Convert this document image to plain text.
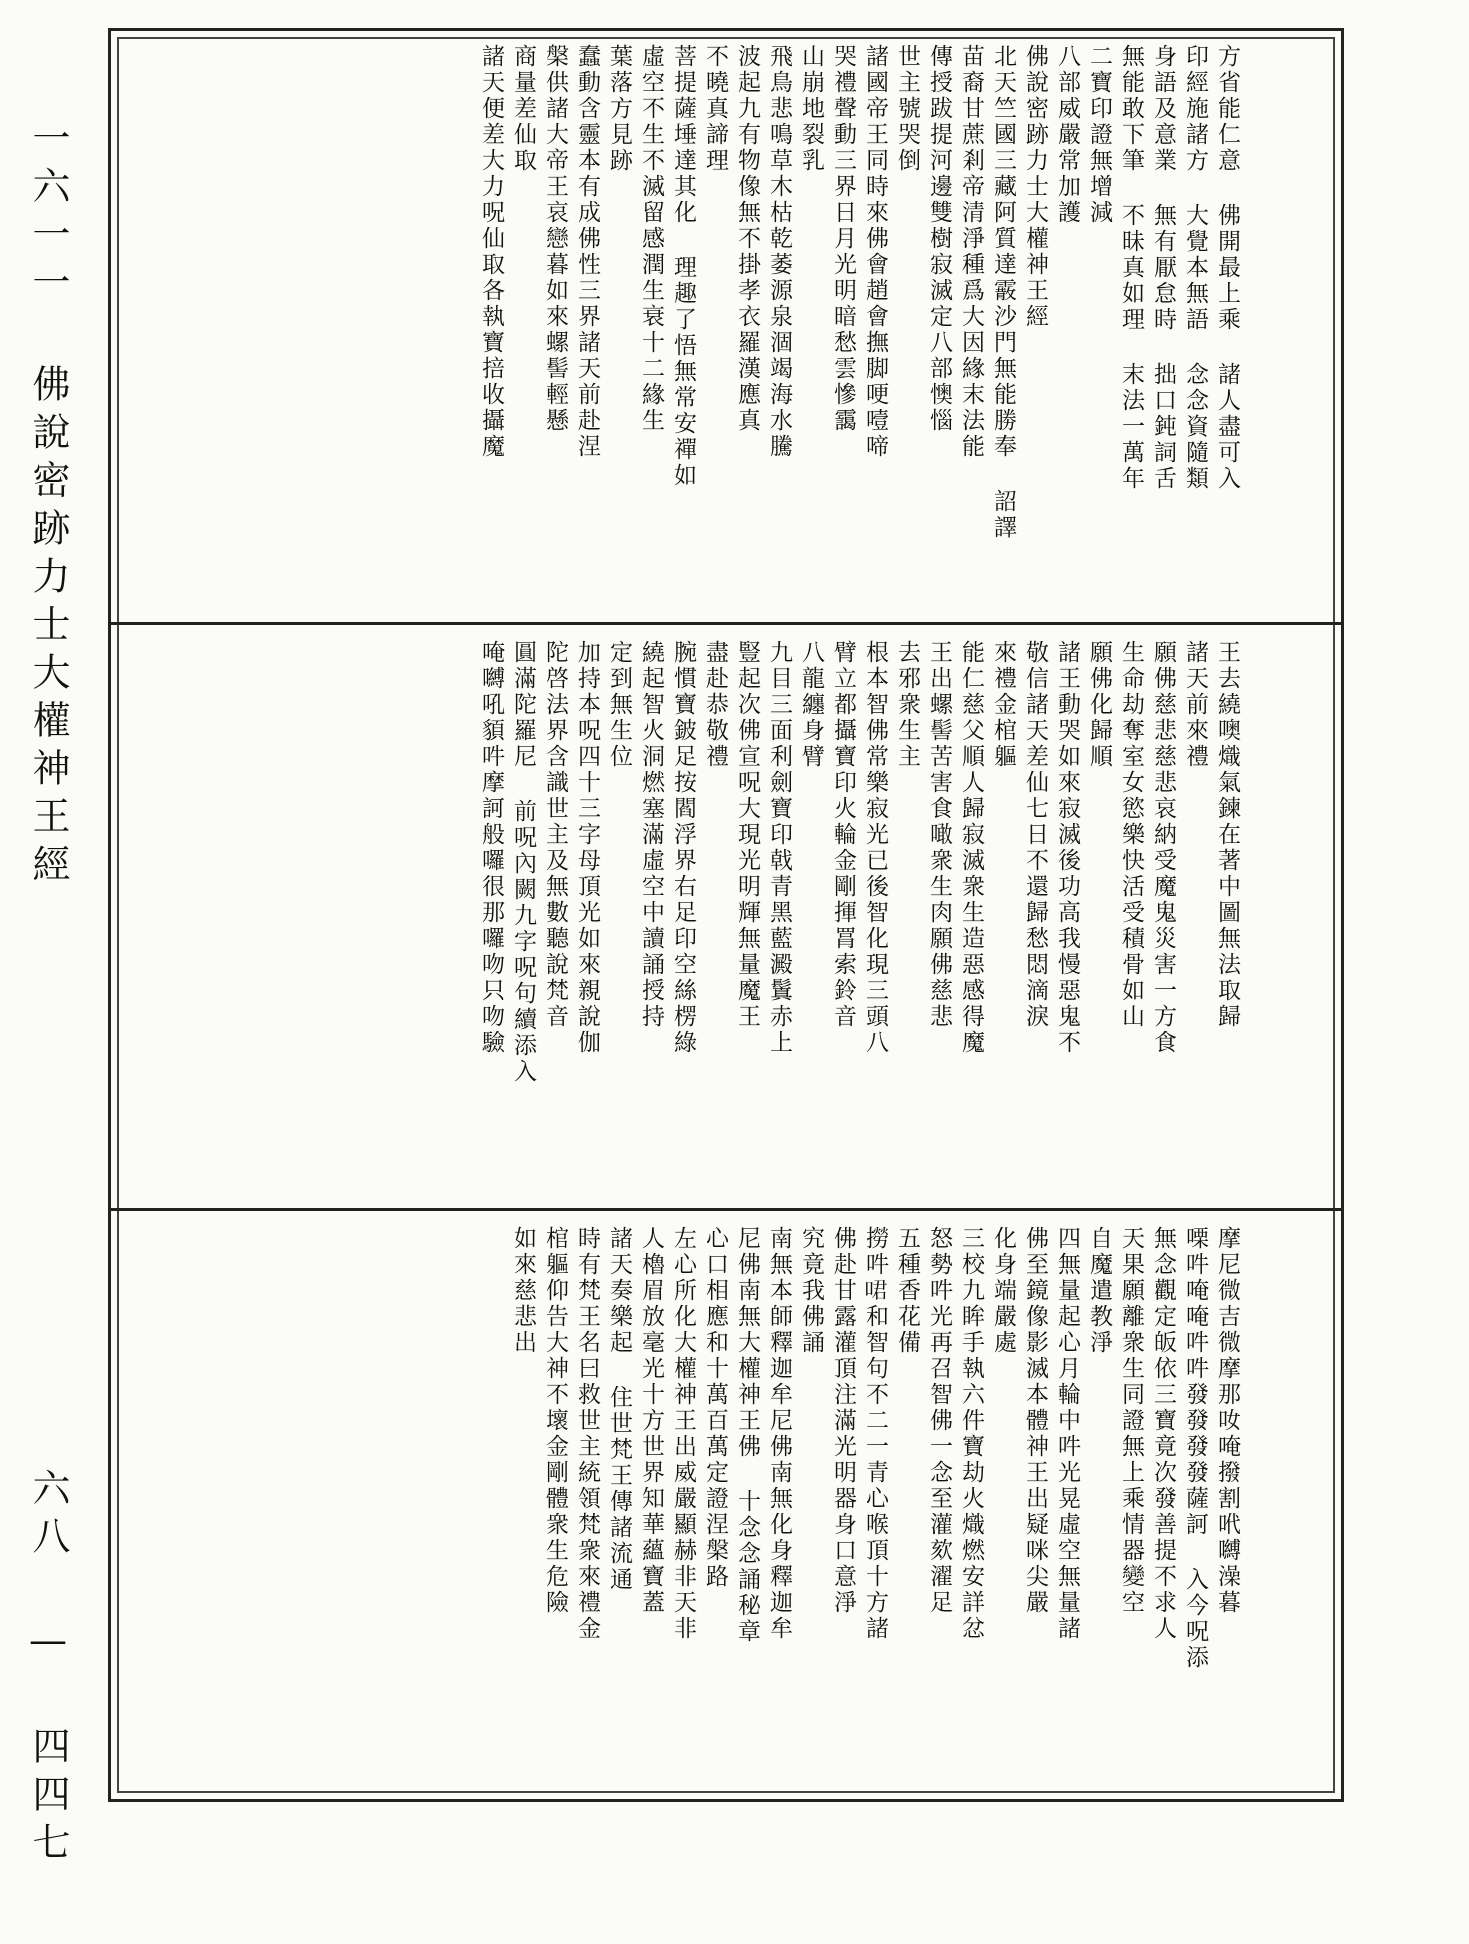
一六一一 佛說密跡力士大權神王經
六八 — 四四七
方省能仁意 佛開最上乘 諸人盡可入
印經施諸方 大覺本無語 念念資隨類
身語及意業 無有厭怠時 拙口鈍詞舌
無能敢下筆 不昧真如理 末法一萬年
二寶印證無增減
八部威嚴常加護
佛說密跡力士大權神王經
北天竺國三藏阿質達霰沙門無能勝奉 詔譯
苗裔甘蔗剎帝清淨種爲大因緣末法能
傳授跋提河邊雙樹寂滅定八部懊惱
世主號哭倒
諸國帝王同時來佛會趙會撫脚哽噎啼
哭禮聲動三界日月光明暗愁雲慘靄
山崩地裂乳
飛鳥悲鳴草木枯乾萎源泉涸竭海水騰
波起九有物像無不掛孝衣羅漢應真
不曉真諦理
菩提薩埵達其化 理趣了悟無常安禪如
虛空不生不滅留感潤生衰十二緣生
葉落方見跡
蠢動含靈本有成佛性三界諸天前赴涅
槃供諸大帝王哀戀暮如來螺髻輕懸
商量差仙取
諸天便差大力呪仙取各執寶掊收攝魔
王去繞噢熾氣鍊在著中圖無法取歸
諸天前來禮
願佛慈悲慈悲哀納受魔鬼災害一方食
生命劫奪室女慾樂快活受積骨如山
願佛化歸順
諸王動哭如來寂滅後功高我慢惡鬼不
敬信諸天差仙七日不還歸愁悶滴淚
來禮金棺軀
能仁慈父順人歸寂滅衆生造惡感得魔
王出螺髻苦害食噉衆生肉願佛慈悲
去邪衆生主
根本智佛常樂寂光已後智化現三頭八
臂立都攝寶印火輪金剛揮罥索鈴音
八龍纏身臂
九目三面利劍寶印戟青黑藍澱鬒赤上
豎起次佛宣呪大現光明輝無量魔王
盡赴恭敬禮
腕慣寶鈹足按閻浮界右足印空絲楞綠
繞起智火洞燃塞滿虛空中讀誦授持
定到無生位
加持本呪四十三字母頂光如來親說伽
陀啓法界含識世主及無數聽說梵音
圓滿陀羅尼 前呪內闕九字呪句續添入
唵嚩吼䫉吽摩訶般囉很那囉吻只吻驗
摩尼微吉微摩那𠯆唵撥割𠰺嚩澡暮
㗚吽唵唵吽吽發發發發薩訶 入今呪添
無念觀定皈依三寶竟次發善提不求人
天果願離衆生同證無上乘情器變空
自魔遣教淨
四無量起心月輪中吽光晃虛空無量諸
佛至鏡像影滅本體神王出疑咪尖嚴
化身端嚴處
三校九眸手執六件寶劫火熾燃安詳忿
怒勢吽光再召智佛一念至灌欬濯足
五種香花備
撈吽𠲰和智句不二一青心喉頂十方諸
佛赴甘露灌頂注滿光明器身口意淨
究竟我佛誦
南無本師釋迦牟尼佛南無化身釋迦牟
尼佛南無大權神王佛 十念念誦秘章
心口相應和十萬百萬定證涅槃路
左心所化大權神王出威嚴顯赫非天非
人櫓眉放毫光十方世界知華蘊寶蓋
諸天奏樂起 住世梵王傳諸流通
時有梵王名曰救世主統領梵衆來禮金
棺軀仰告大神不壞金剛體衆生危險
如來慈悲出
